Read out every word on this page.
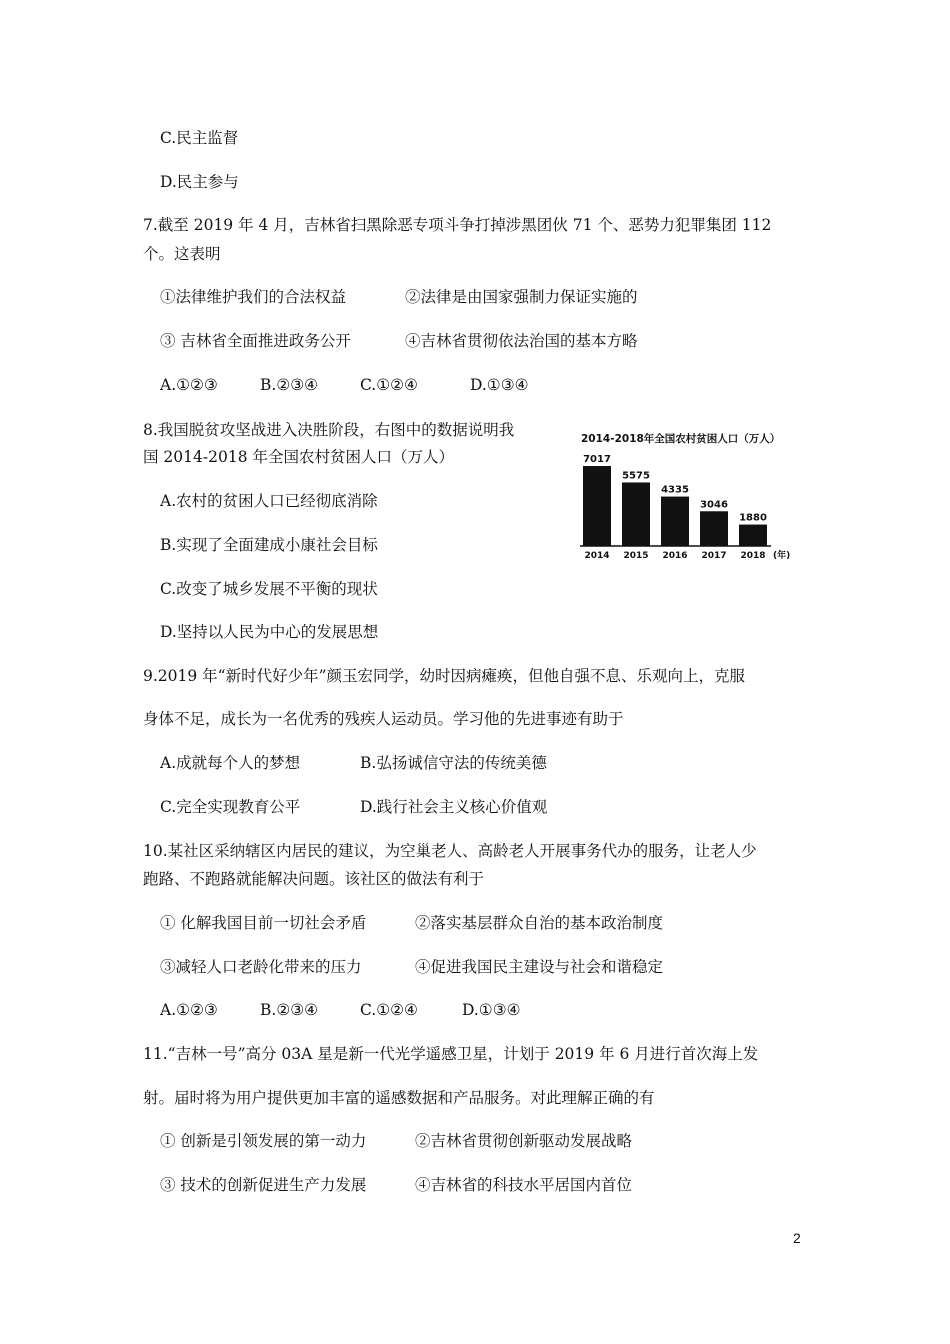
C.民主监督
D.民主参与
7.截至 2019 年 4 月，吉林省扫黑除恶专项斗争打掉涉黑团伙 71 个、恶势力犯罪集团 112
个。这表明
①法律维护我们的合法权益	②法律是由国家强制力保证实施的
③ 吉林省全面推进政务公开	④吉林省贯彻依法治国的基本方略
A.①②③	B.②③④	C.①②④	D.①③④
8.我国脱贫攻坚战进入决胜阶段，右图中的数据说明我
国 2014-2018 年全国农村贫困人口（万人）
A.农村的贫困人口已经彻底消除
B.实现了全面建成小康社会目标
C.改变了城乡发展不平衡的现状
D.坚持以人民为中心的发展思想
2014-2018年全国农村贫困人口（万人）
7017
2014
5575
2015
4335
2016
3046
2017
1880
2018 (年)
9.2019 年“新时代好少年”颜玉宏同学，幼时因病瘫痪，但他自强不息、乐观向上，克服
身体不足，成长为一名优秀的残疾人运动员。学习他的先进事迹有助于
A.成就每个人的梦想	B.弘扬诚信守法的传统美德
C.完全实现教育公平	D.践行社会主义核心价值观
10.某社区采纳辖区内居民的建议，为空巢老人、高龄老人开展事务代办的服务，让老人少
跑路、不跑路就能解决问题。该社区的做法有利于
① 化解我国目前一切社会矛盾	②落实基层群众自治的基本政治制度
③减轻人口老龄化带来的压力	④促进我国民主建设与社会和谐稳定
A.①②③	B.②③④	C.①②④	D.①③④
11.“吉林一号”高分 03A 星是新一代光学遥感卫星，计划于 2019 年 6 月进行首次海上发
射。届时将为用户提供更加丰富的遥感数据和产品服务。对此理解正确的有
① 创新是引领发展的第一动力	②吉林省贯彻创新驱动发展战略
③ 技术的创新促进生产力发展	④吉林省的科技水平居国内首位
2
